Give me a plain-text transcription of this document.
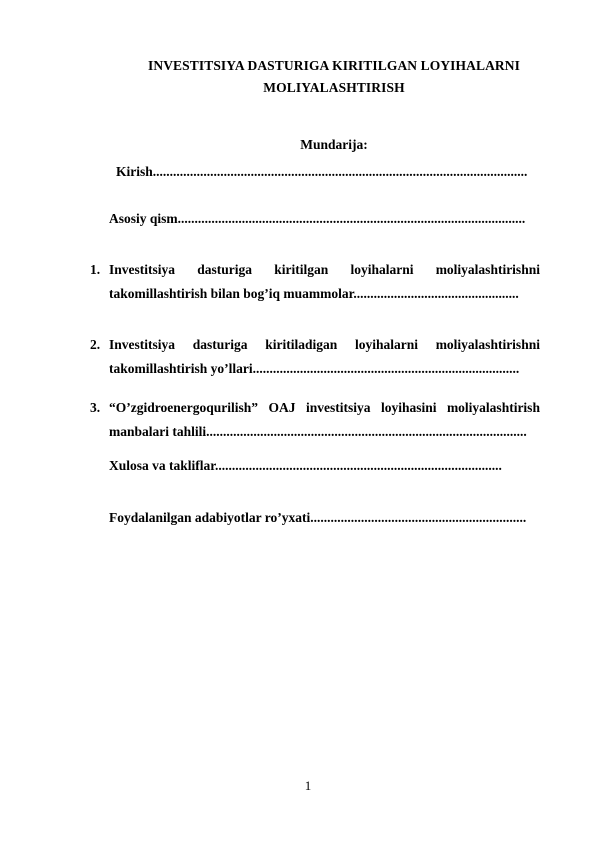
INVESTITSIYA DASTURIGA KIRITILGAN LOYIHALARNI
MOLIYALASHTIRISH
Mundarija:
Kirish...............................................................................................................
Asosiy qism.......................................................................................................
1. Investitsiya dasturiga kiritilgan loyihalarni moliyalashtirishni
takomillashtirish bilan bog’iq muammolar.................................................
2. Investitsiya dasturiga kiritiladigan loyihalarni moliyalashtirishni
takomillashtirish yo’llari...............................................................................
3. “O’zgidroenergoqurilish” OAJ investitsiya loyihasini moliyalashtirish
manbalari tahlili...............................................................................................
Xulosa va takliflar.....................................................................................
Foydalanilgan adabiyotlar ro’yxati................................................................
1
